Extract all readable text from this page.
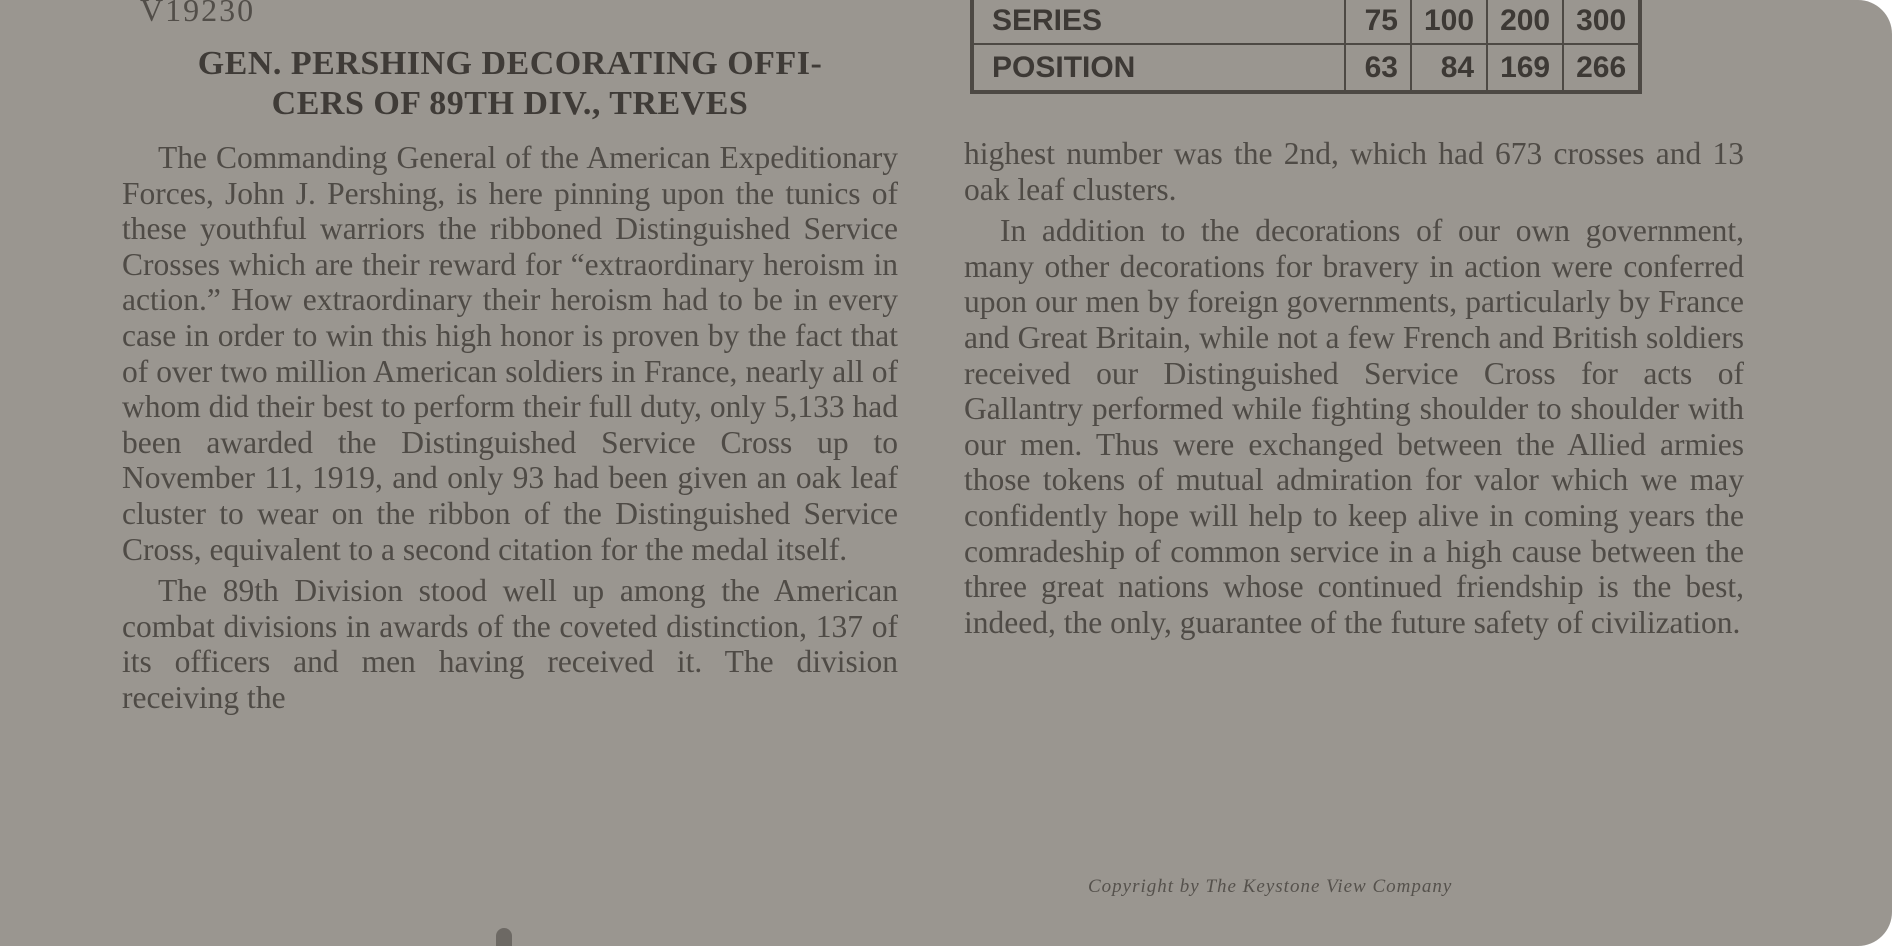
V19230
GEN. PERSHING DECORATING OFFI-
CERS OF 89TH DIV., TREVES
SERIES	75	100	200	300
POSITION	63	84	169	266

The Commanding General of the American Expeditionary Forces, John J. Pershing, is here pinning upon the tunics of these youthful warriors the ribboned Distinguished Service Crosses which are their reward for “extraordinary heroism in action.” How extraordinary their heroism had to be in every case in order to win this high honor is proven by the fact that of over two million American soldiers in France, nearly all of whom did their best to perform their full duty, only 5,133 had been awarded the Distinguished Service Cross up to November 11, 1919, and only 93 had been given an oak leaf cluster to wear on the ribbon of the Distinguished Service Cross, equivalent to a second citation for the medal itself.

The 89th Division stood well up among the American combat divisions in awards of the coveted distinction, 137 of its officers and men having received it. The division receiving the

highest number was the 2nd, which had 673 crosses and 13 oak leaf clusters.

In addition to the decorations of our own government, many other decorations for bravery in action were conferred upon our men by foreign governments, particularly by France and Great Britain, while not a few French and British soldiers received our Distinguished Service Cross for acts of Gallantry performed while fighting shoulder to shoulder with our men. Thus were exchanged between the Allied armies those tokens of mutual admiration for valor which we may confidently hope will help to keep alive in coming years the comradeship of common service in a high cause between the three great nations whose continued friendship is the best, indeed, the only, guarantee of the future safety of civilization.

Copyright by The Keystone View Company
